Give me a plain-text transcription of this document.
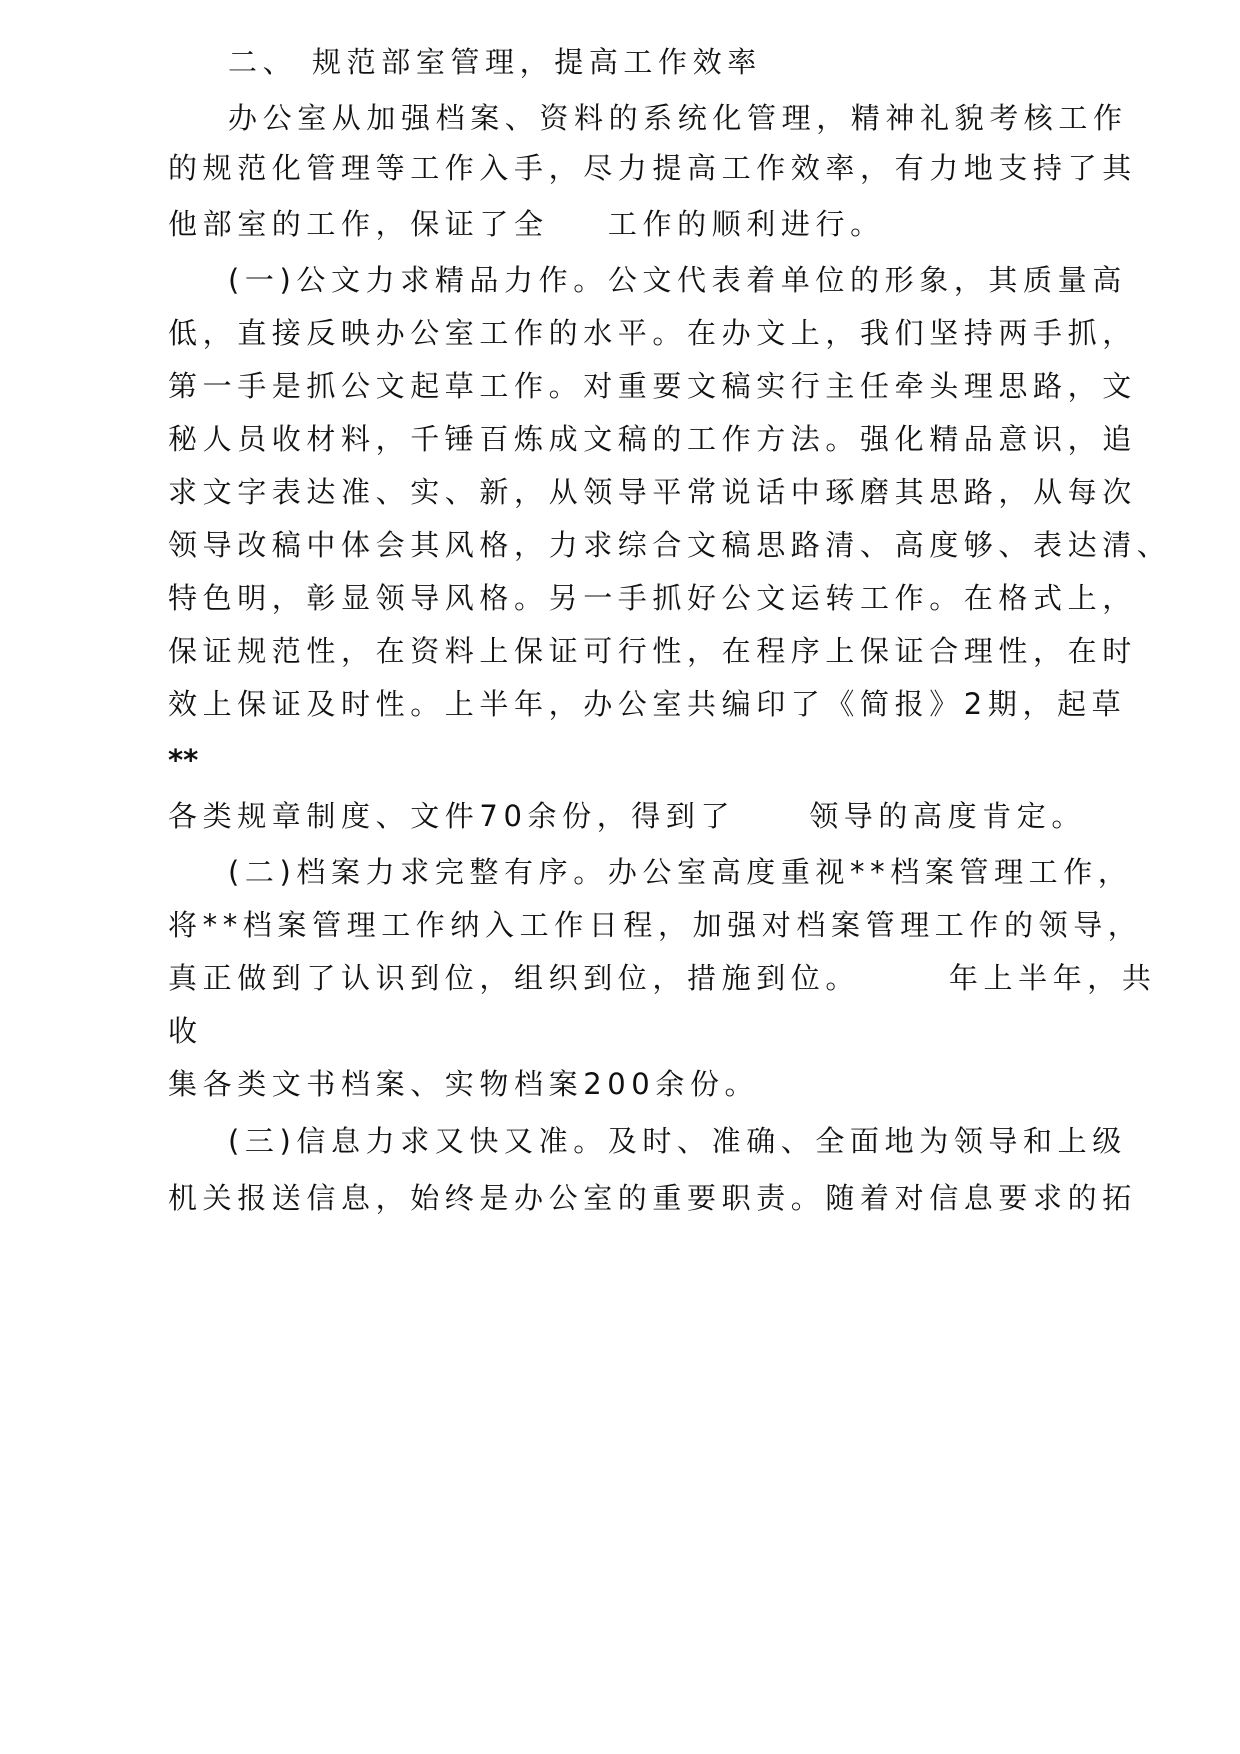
二、 规范部室管理，提高工作效率
办公室从加强档案、资料的系统化管理，精神礼貌考核工作
的规范化管理等工作入手，尽力提高工作效率，有力地支持了其
他部室的工作，保证了全    工作的顺利进行。
(一)公文力求精品力作。公文代表着单位的形象，其质量高
低，直接反映办公室工作的水平。在办文上，我们坚持两手抓，
第一手是抓公文起草工作。对重要文稿实行主任牵头理思路，文
秘人员收材料，千锤百炼成文稿的工作方法。强化精品意识，追
求文字表达准、实、新，从领导平常说话中琢磨其思路，从每次
领导改稿中体会其风格，力求综合文稿思路清、高度够、表达清、
特色明，彰显领导风格。另一手抓好公文运转工作。在格式上，
保证规范性，在资料上保证可行性，在程序上保证合理性，在时
效上保证及时性。上半年，办公室共编印了《简报》2期，起草
**
各类规章制度、文件70余份，得到了     领导的高度肯定。
(二)档案力求完整有序。办公室高度重视**档案管理工作，
将**档案管理工作纳入工作日程，加强对档案管理工作的领导，
真正做到了认识到位，组织到位，措施到位。      年上半年，共
收
集各类文书档案、实物档案200余份。
(三)信息力求又快又准。及时、准确、全面地为领导和上级
机关报送信息，始终是办公室的重要职责。随着对信息要求的拓
